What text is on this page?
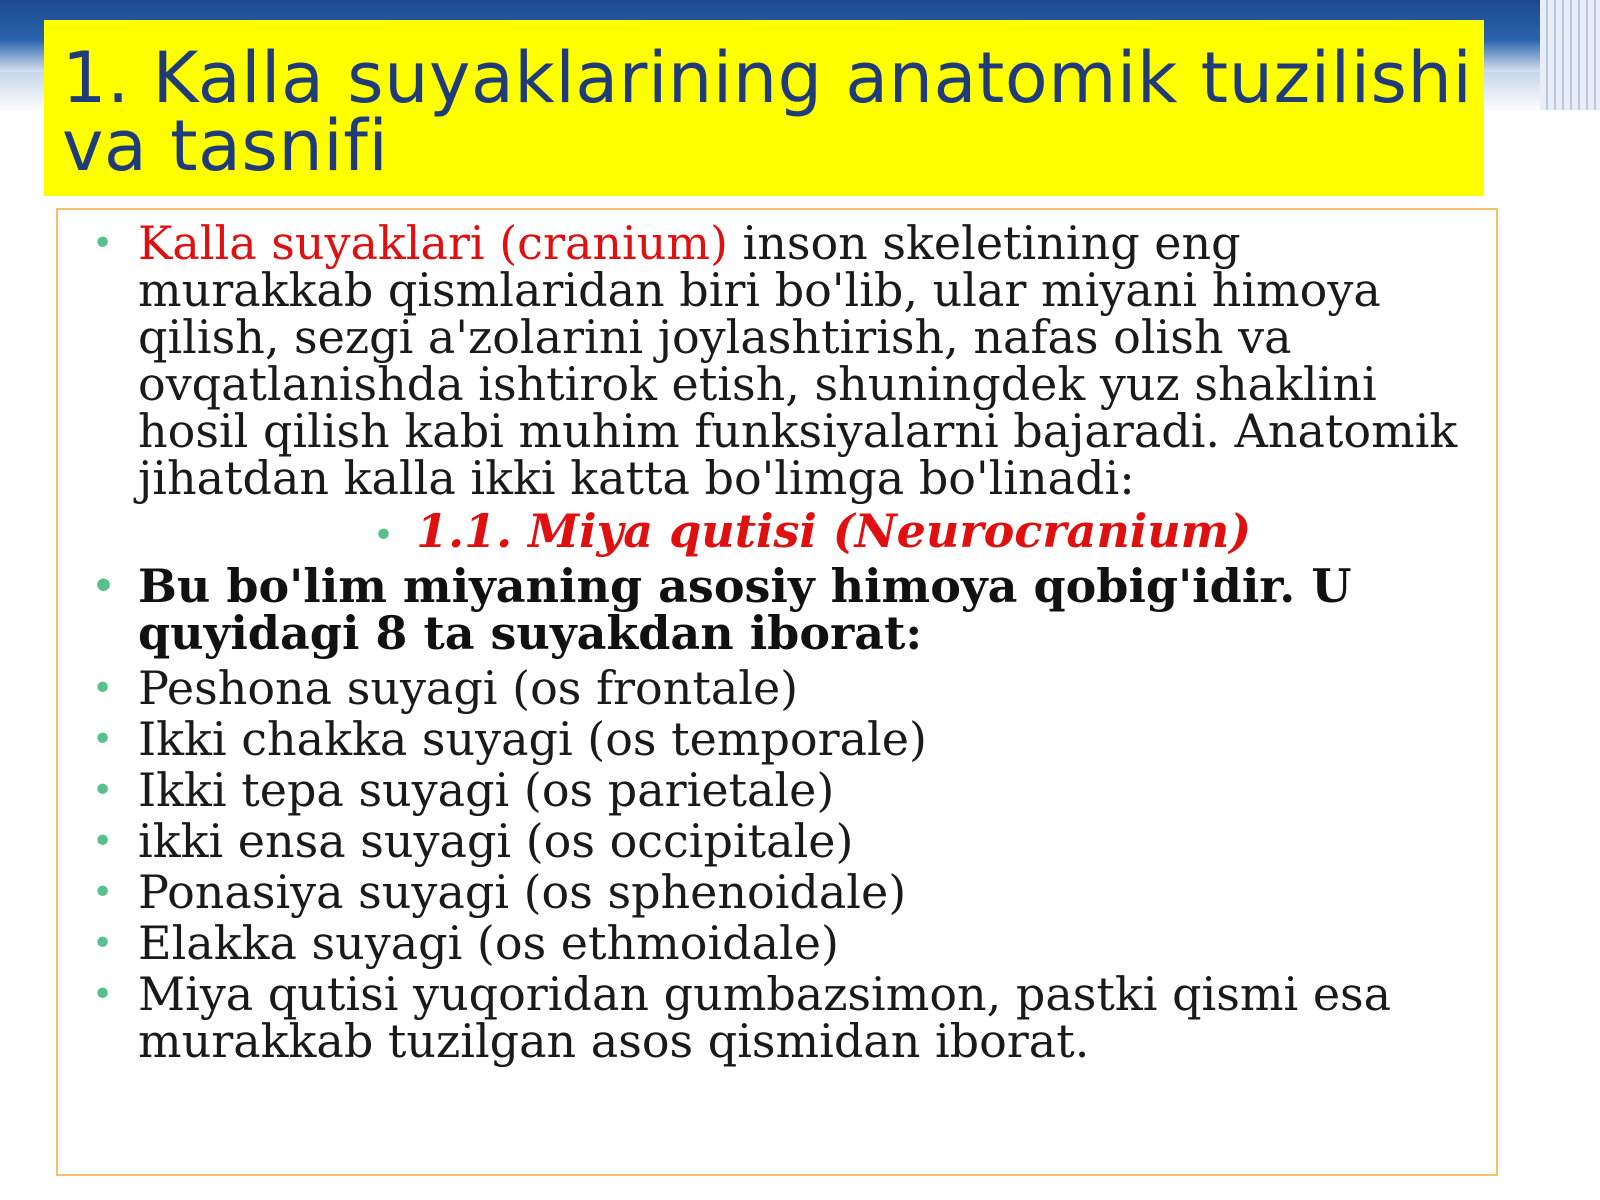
1. Kalla suyaklarining anatomik tuzilishi va tasnifi
• Kalla suyaklari (cranium) inson skeletining eng murakkab qismlaridan biri bo'lib, ular miyani himoya qilish, sezgi a'zolarini joylashtirish, nafas olish va ovqatlanishda ishtirok etish, shuningdek yuz shaklini hosil qilish kabi muhim funksiyalarni bajaradi. Anatomik jihatdan kalla ikki katta bo'limga bo'linadi:
• 1.1. Miya qutisi (Neurocranium)
• Bu bo'lim miyaning asosiy himoya qobig'idir. U quyidagi 8 ta suyakdan iborat:
• Peshona suyagi (os frontale)
• Ikki chakka suyagi (os temporale)
• Ikki tepa suyagi (os parietale)
• ikki ensa suyagi (os occipitale)
• Ponasiya suyagi (os sphenoidale)
• Elakka suyagi (os ethmoidale)
• Miya qutisi yuqoridan gumbazsimon, pastki qismi esa murakkab tuzilgan asos qismidan iborat.
